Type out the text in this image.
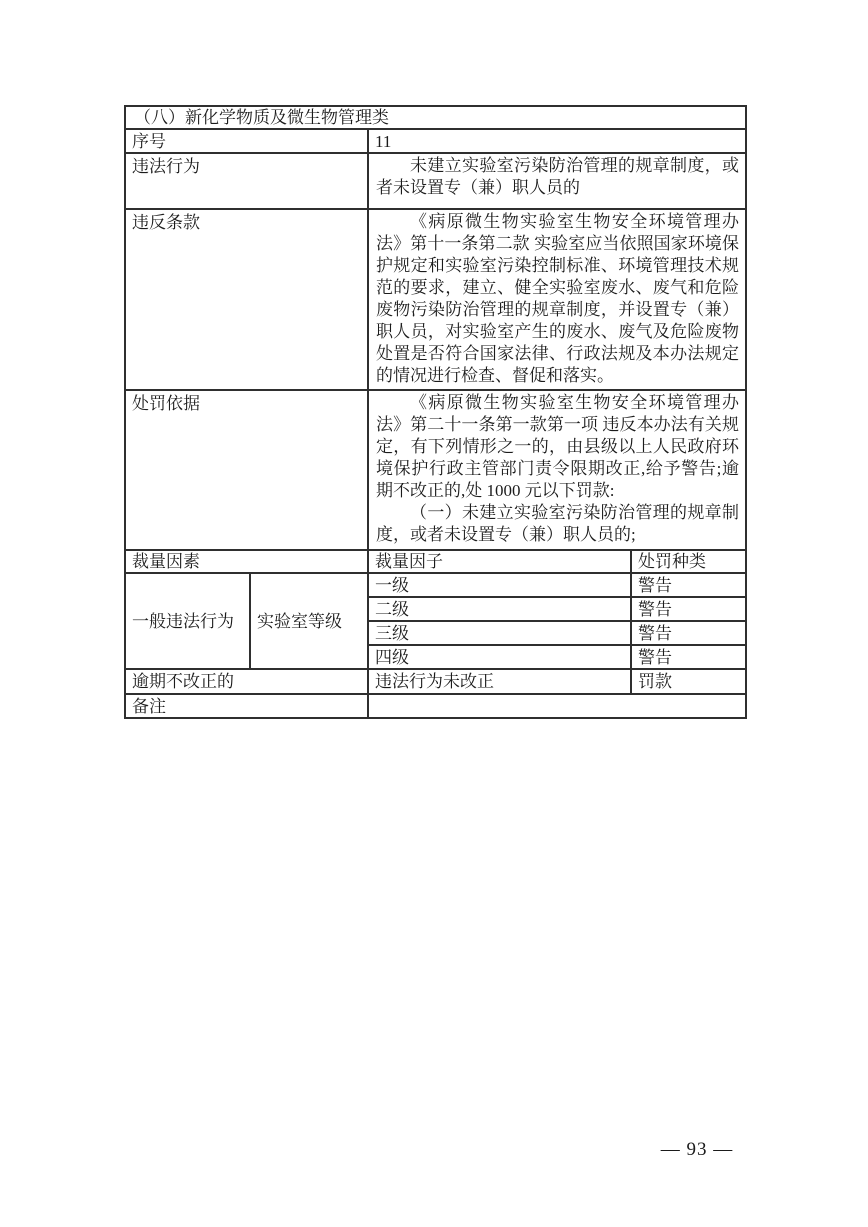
（八）新化学物质及微生物管理类			
序号		11	
违法行为		未建立实验室污染防治管理的规章制度，或者未设置专（兼）职人员的	

违反条款		《病原微生物实验室生物安全环境管理办法》第十一条第二款 实验室应当依照国家环境保护规定和实验室污染控制标准、环境管理技术规范的要求，建立、健全实验室废水、废气和危险废物污染防治管理的规章制度，并设置专（兼）职人员，对实验室产生的废水、废气及危险废物处置是否符合国家法律、行政法规及本办法规定的情况进行检查、督促和落实。	

处罚依据		《病原微生物实验室生物安全环境管理办法》第二十一条第一款第一项 违反本办法有关规定，有下列情形之一的，由县级以上人民政府环境保护行政主管部门责令限期改正,给予警告;逾期不改正的,处 1000 元以下罚款:

（一）未建立实验室污染防治管理的规章制度，或者未设置专（兼）职人员的;	

裁量因素		裁量因子	处罚种类
一般违法行为	实验室等级	一级	警告
		二级	警告
		三级	警告
		四级	警告
逾期不改正的		违法行为未改正	罚款
备注			
— 93 —
